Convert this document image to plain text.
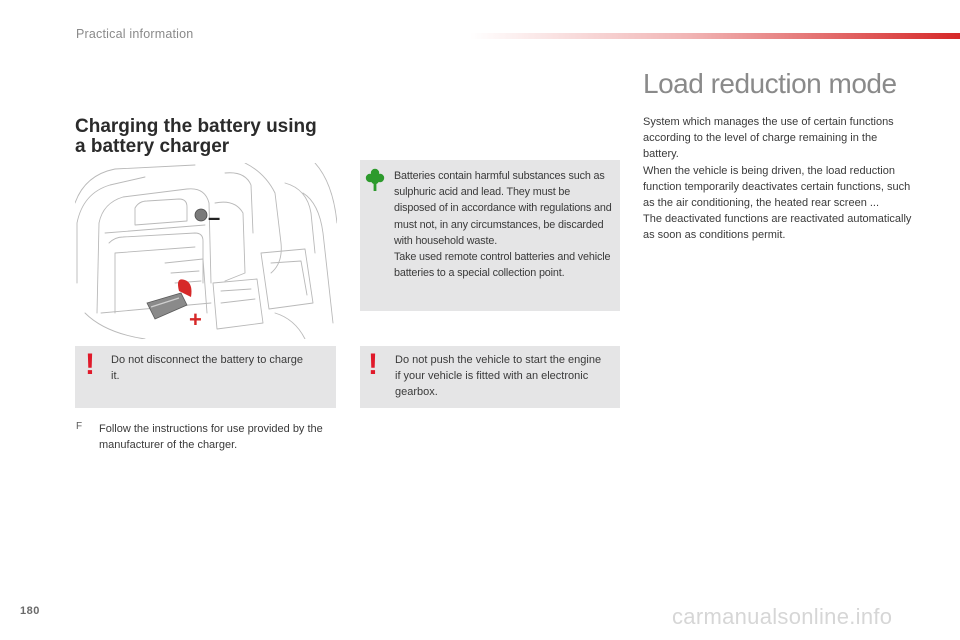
Practical information
Charging the battery using
a battery charger
–
+

Batteries contain harmful substances such as sulphuric acid and lead. They must be disposed of in accordance with regulations and must not, in any circumstances, be discarded with household waste.

Take used remote control batteries and vehicle batteries to a special collection point.

! Do not disconnect the battery to charge it.	! Do not push the vehicle to start the engine if your vehicle is fitted with an electronic gearbox.
F Follow the instructions for use provided by the manufacturer of the charger.
Load reduction mode

System which manages the use of certain functions according to the level of charge remaining in the battery.

When the vehicle is being driven, the load reduction function temporarily deactivates certain functions, such as the air conditioning, the heated rear screen ...

The deactivated functions are reactivated automatically as soon as conditions permit.

180	carmanualsonline.info
